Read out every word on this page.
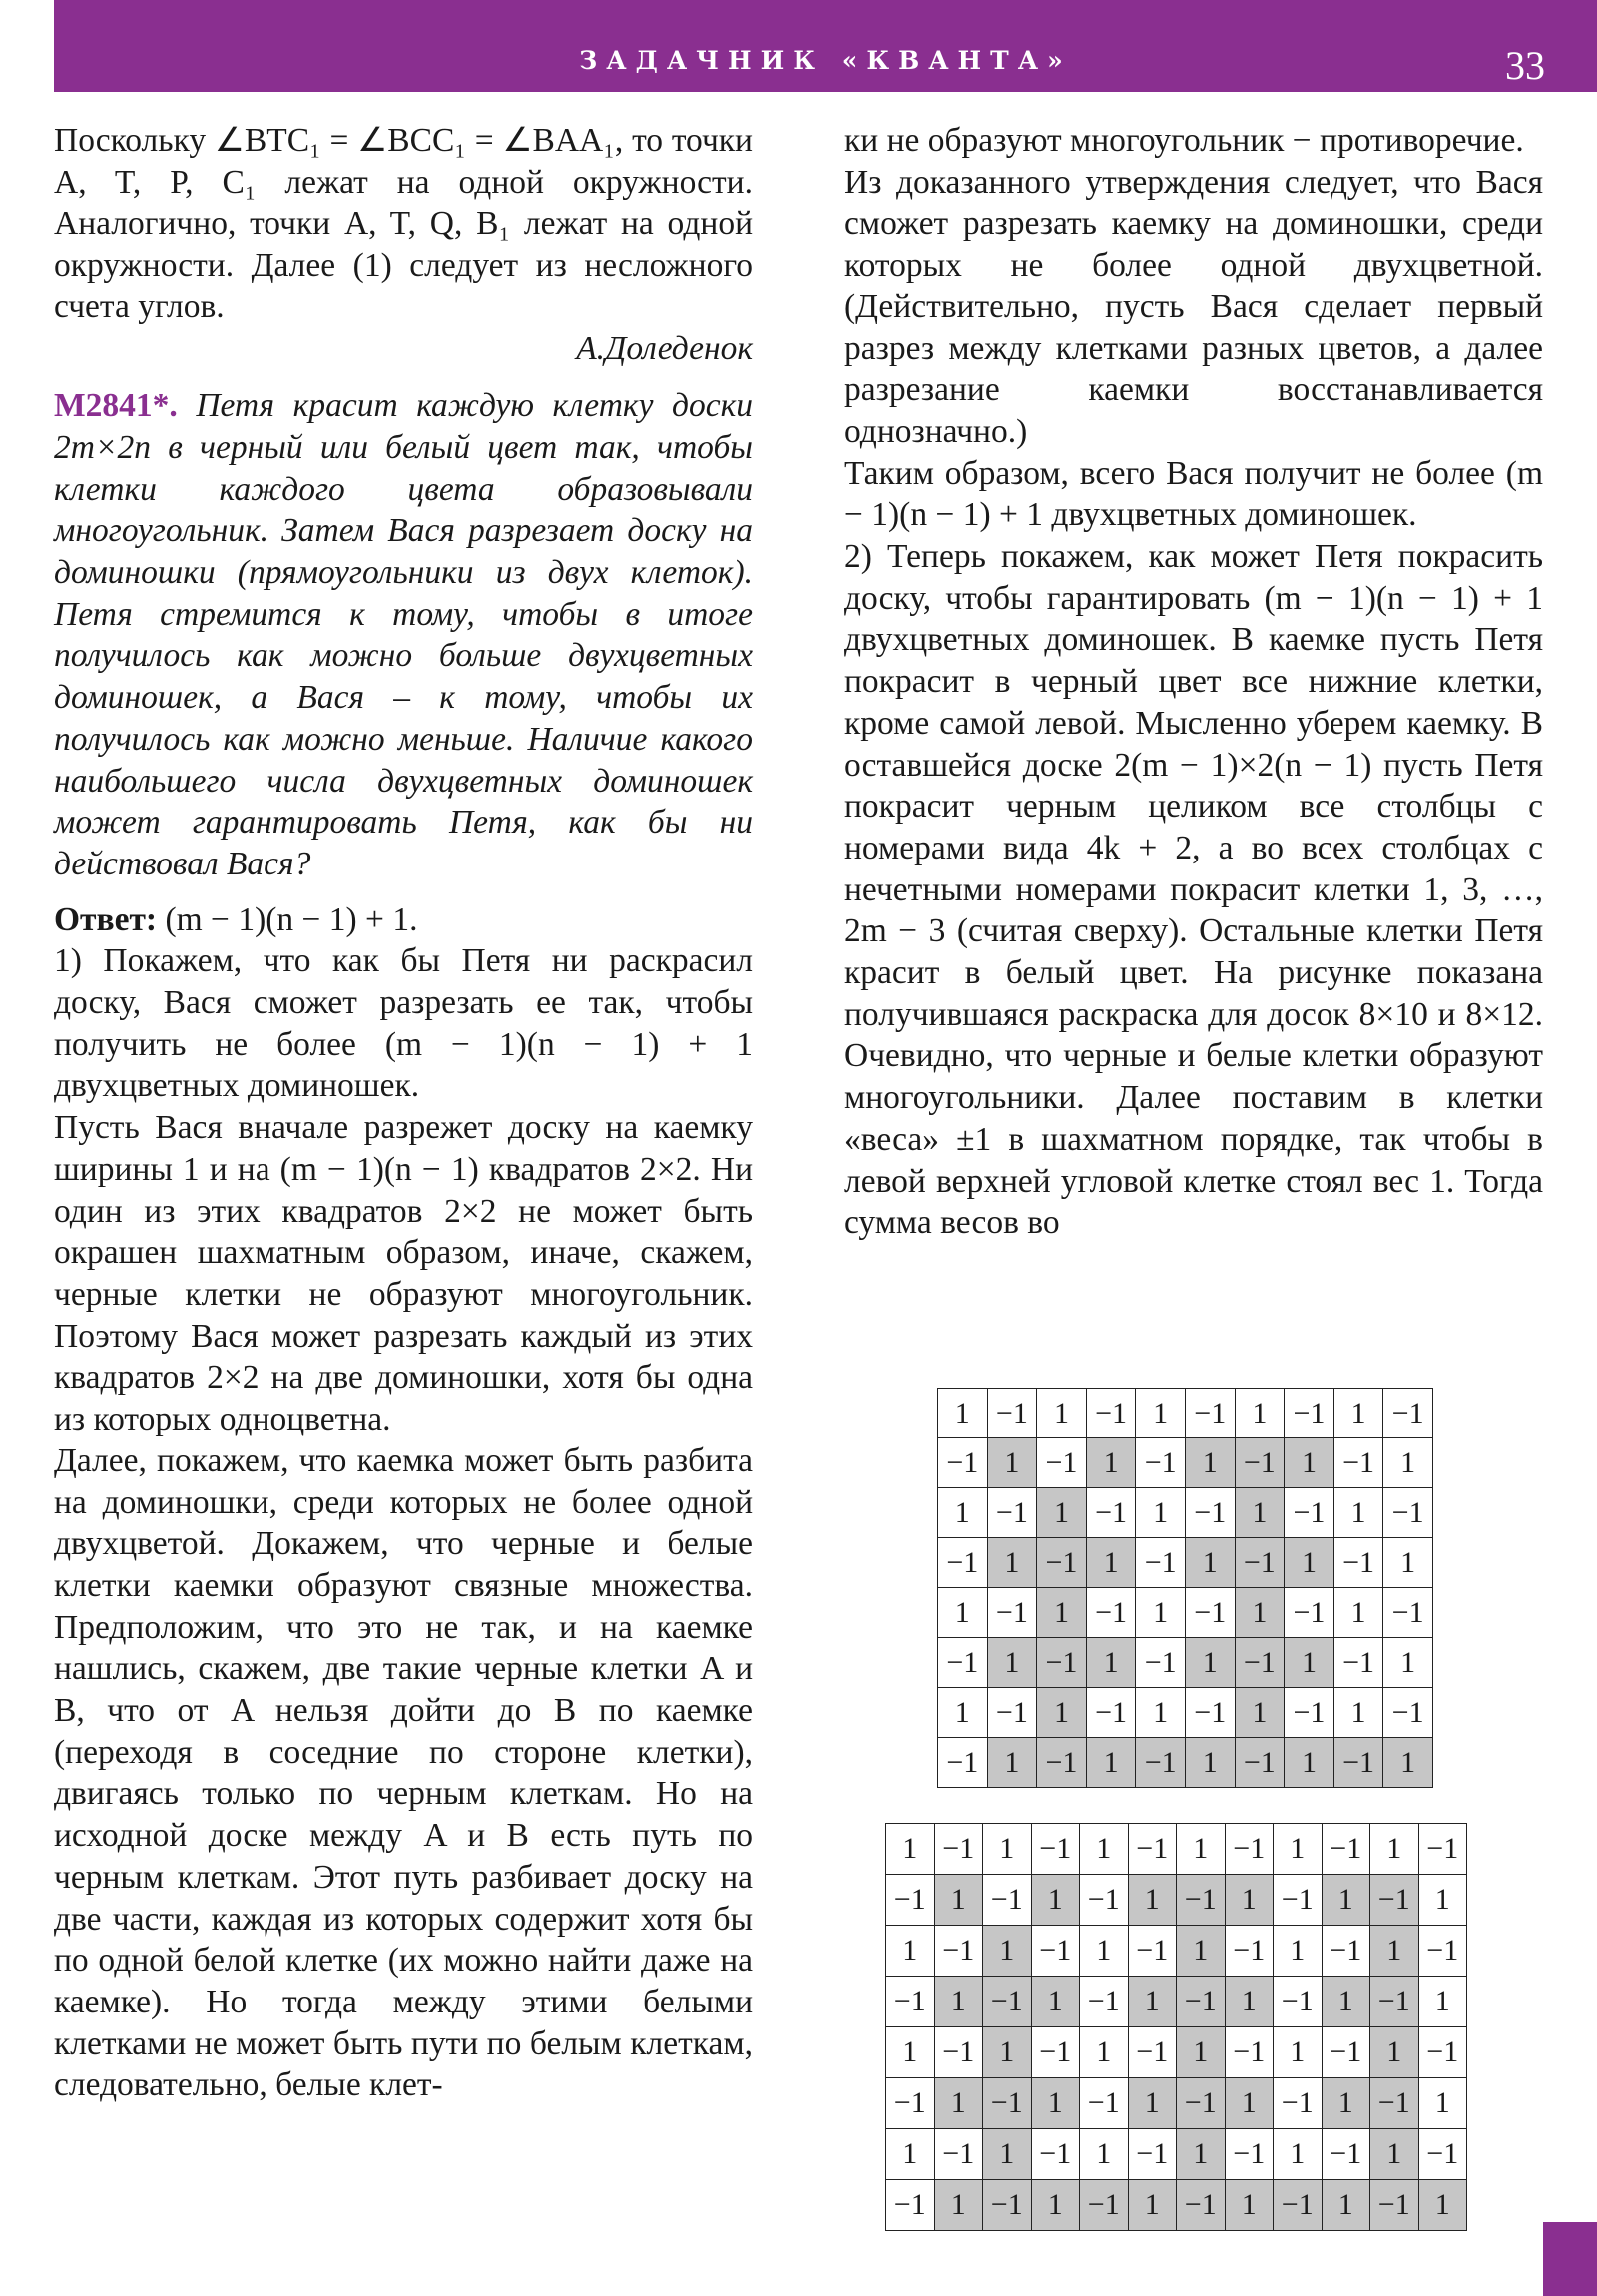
ЗАДАЧНИК «КВАНТА»	33

Поскольку ∠BTC₁ = ∠BCC₁ = ∠BAA₁, то точки A, T, P, C₁ лежат на одной окружности. Аналогично, точки A, T, Q, B₁ лежат на одной окружности. Далее (1) следует из несложного счета углов.

А.Доледенок

M2841*. Петя красит каждую клетку доски 2m×2n в черный или белый цвет так, чтобы клетки каждого цвета образовывали многоугольник. Затем Вася разрезает доску на доминошки (прямоугольники из двух клеток). Петя стремится к тому, чтобы в итоге получилось как можно больше двухцветных доминошек, а Вася – к тому, чтобы их получилось как можно меньше. Наличие какого наибольшего числа двухцветных доминошек может гарантировать Петя, как бы ни действовал Вася?

Ответ: (m − 1)(n − 1) + 1.

1) Покажем, что как бы Петя ни раскрасил доску, Вася сможет разрезать ее так, чтобы получить не более (m − 1)(n − 1) + 1 двухцветных доминошек.

Пусть Вася вначале разрежет доску на каемку ширины 1 и на (m − 1)(n − 1) квадратов 2×2. Ни один из этих квадратов 2×2 не может быть окрашен шахматным образом, иначе, скажем, черные клетки не образуют многоугольник. Поэтому Вася может разрезать каждый из этих квадратов 2×2 на две доминошки, хотя бы одна из которых одноцветна.

Далее, покажем, что каемка может быть разбита на доминошки, среди которых не более одной двухцветой. Докажем, что черные и белые клетки каемки образуют связные множества. Предположим, что это не так, и на каемке нашлись, скажем, две такие черные клетки A и B, что от A нельзя дойти до B по каемке (переходя в соседние по стороне клетки), двигаясь только по черным клеткам. Но на исходной доске между A и B есть путь по черным клеткам. Этот путь разбивает доску на две части, каждая из которых содержит хотя бы по одной белой клетке (их можно найти даже на каемке). Но тогда между этими белыми клетками не может быть пути по белым клеткам, следовательно, белые клет-

ки не образуют многоугольник − противоречие.

Из доказанного утверждения следует, что Вася сможет разрезать каемку на доминошки, среди которых не более одной двухцветной. (Действительно, пусть Вася сделает первый разрез между клетками разных цветов, а далее разрезание каемки восстанавливается однозначно.)

Таким образом, всего Вася получит не более (m − 1)(n − 1) + 1 двухцветных доминошек.

2) Теперь покажем, как может Петя покрасить доску, чтобы гарантировать (m − 1)(n − 1) + 1 двухцветных доминошек. В каемке пусть Петя покрасит в черный цвет все нижние клетки, кроме самой левой. Мысленно уберем каемку. В оставшейся доске 2(m − 1)×2(n − 1) пусть Петя покрасит черным целиком все столбцы с номерами вида 4k + 2, а во всех столбцах с нечетными номерами покрасит клетки 1, 3, …, 2m − 3 (считая сверху). Остальные клетки Петя красит в белый цвет. На рисунке показана получившаяся раскраска для досок 8×10 и 8×12. Очевидно, что черные и белые клетки образуют многоугольники. Далее поставим в клетки «веса» ±1 в шахматном порядке, так чтобы в левой верхней угловой клетке стоял вес 1. Тогда сумма весов во

1	−1	1	−1	1	−1	1	−1	1	−1
−1	1	−1	1	−1	1	−1	1	−1	1
1	−1	1	−1	1	−1	1	−1	1	−1
−1	1	−1	1	−1	1	−1	1	−1	1
1	−1	1	−1	1	−1	1	−1	1	−1
−1	1	−1	1	−1	1	−1	1	−1	1
1	−1	1	−1	1	−1	1	−1	1	−1
−1	1	−1	1	−1	1	−1	1	−1	1
1	−1	1	−1	1	−1	1	−1	1	−1	1	−1
−1	1	−1	1	−1	1	−1	1	−1	1	−1	1
1	−1	1	−1	1	−1	1	−1	1	−1	1	−1
−1	1	−1	1	−1	1	−1	1	−1	1	−1	1
1	−1	1	−1	1	−1	1	−1	1	−1	1	−1
−1	1	−1	1	−1	1	−1	1	−1	1	−1	1
1	−1	1	−1	1	−1	1	−1	1	−1	1	−1
−1	1	−1	1	−1	1	−1	1	−1	1	−1	1
